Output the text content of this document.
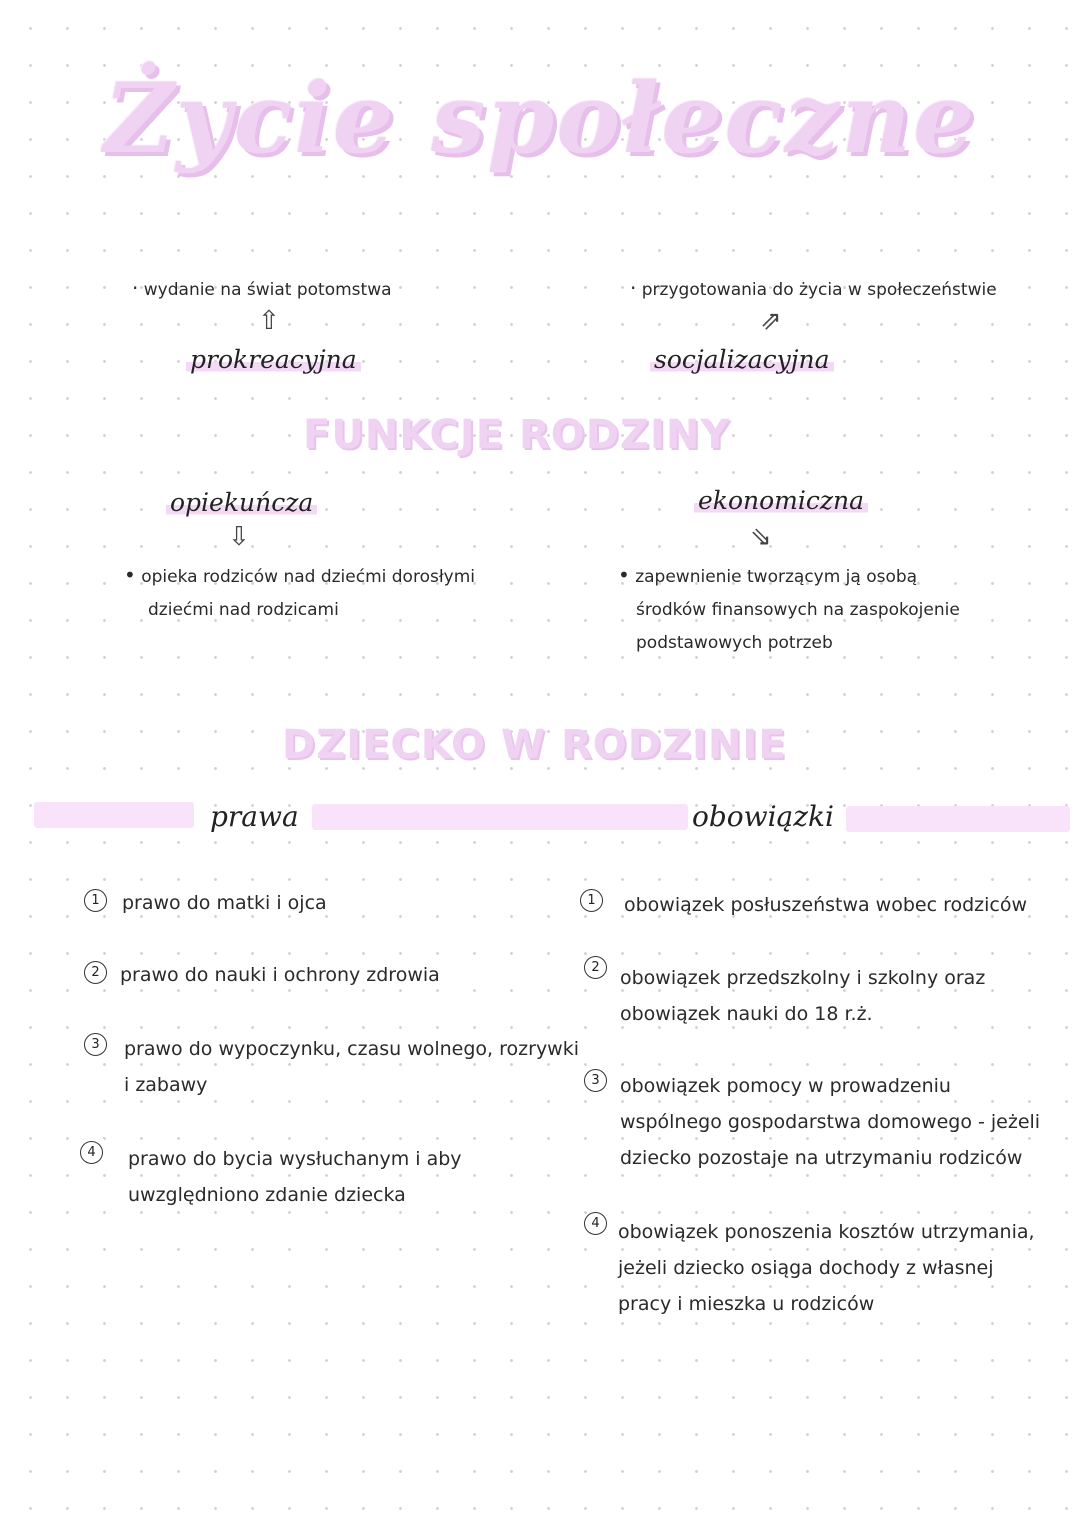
Życie społeczne
· wydanie na świat potomstwa
⇧
prokreacyjna
· przygotowania do życia w społeczeństwie
⇗
socjalizacyjna
FUNKCJE RODZINY
opiekuńcza
⇩
• opieka rodziców nad dziećmi dorosłymi
dziećmi nad rodzicami
ekonomiczna
⇘
• zapewnienie tworzącym ją osobą
środków finansowych na zaspokojenie
podstawowych potrzeb
DZIECKO W RODZINIE
prawa	obowiązki
1	prawo do matki i ojca
2	prawo do nauki i ochrony zdrowia
3	prawo do wypoczynku, czasu wolnego, rozrywki
i zabawy
4	prawo do bycia wysłuchanym i aby
uwzględniono zdanie dziecka
1	obowiązek posłuszeństwa wobec rodziców
2	obowiązek przedszkolny i szkolny oraz
obowiązek nauki do 18 r.ż.
3	obowiązek pomocy w prowadzeniu
wspólnego gospodarstwa domowego - jeżeli
dziecko pozostaje na utrzymaniu rodziców
4 obowiązek ponoszenia kosztów utrzymania,
jeżeli dziecko osiąga dochody z własnej
pracy i mieszka u rodziców
